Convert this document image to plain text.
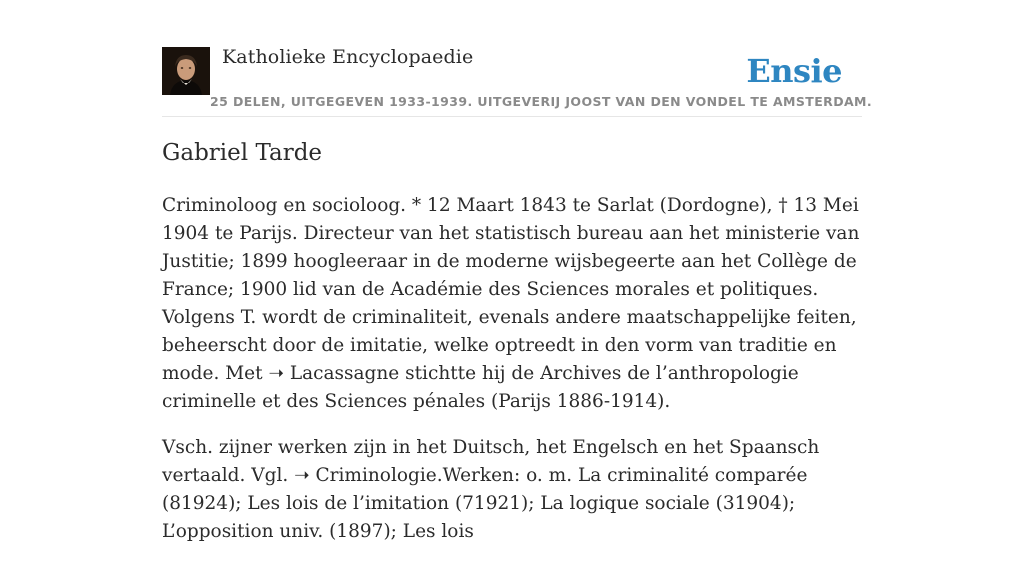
Katholieke Encyclopaedie
25 DELEN, UITGEGEVEN 1933-1939. UITGEVERIJ JOOST VAN DEN VONDEL TE AMSTERDAM.
Ensie
Gabriel Tarde

Criminoloog en socioloog. * 12 Maart 1843 te Sarlat (Dordogne), † 13 Mei 1904 te Parijs. Directeur van het statistisch bureau aan het ministerie van Justitie; 1899 hoogleeraar in de moderne wijsbegeerte aan het Collège de France; 1900 lid van de Académie des Sciences morales et politiques. Volgens T. wordt de criminaliteit, evenals andere maatschappelijke feiten, beheerscht door de imitatie, welke optreedt in den vorm van traditie en mode. Met ➝ Lacassagne stichtte hij de Archives de l’anthropologie criminelle et des Sciences pénales (Parijs 1886-1914).

Vsch. zijner werken zijn in het Duitsch, het Engelsch en het Spaansch vertaald. Vgl. ➝ Criminologie.Werken: o. m. La criminalité comparée (81924); Les lois de l’imitation (71921); La logique sociale (31904); L’opposition univ. (1897); Les lois
